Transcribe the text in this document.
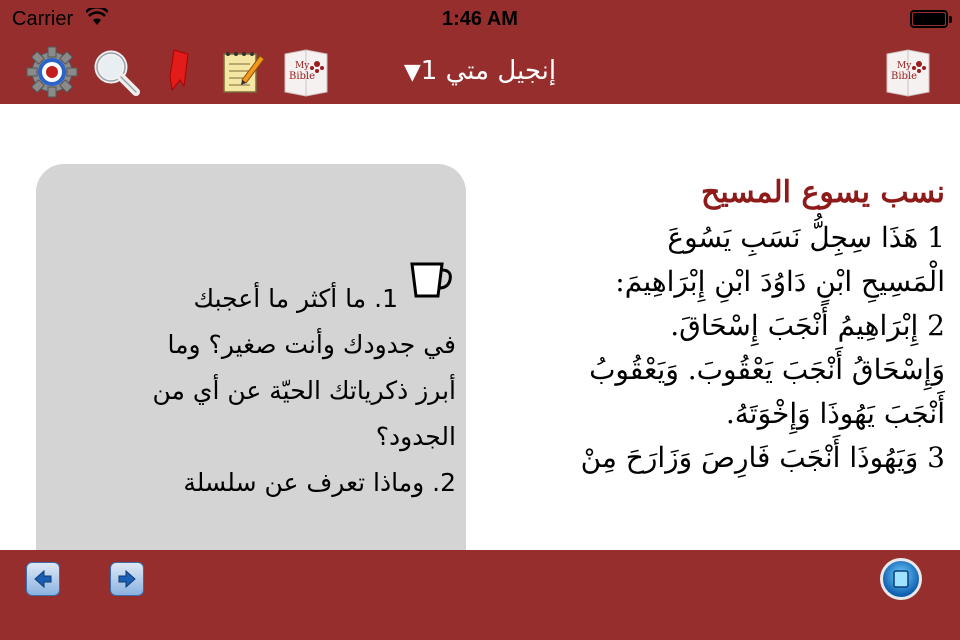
Carrier	1:46 AM
My
Bible	إنجيل متي 1▼	My
Bible

1. ما أكثر ما أعجبك

في جدودك وأنت صغير؟ وما

أبرز ذكرياتك الحيّة عن أي من

الجدود؟

2. وماذا تعرف عن سلسلة

نسب يسوع المسيح

1 هَذَا سِجِلُّ نَسَبِ يَسُوعَ

الْمَسِيحِ ابْنِ دَاوُدَ ابْنِ إِبْرَاهِيمَ:

2 إِبْرَاهِيمُ أَنْجَبَ إِسْحَاقَ.

وَإِسْحَاقُ أَنْجَبَ يَعْقُوبَ. وَيَعْقُوبُ

أَنْجَبَ يَهُوذَا وَإِخْوَتَهُ.

3 وَيَهُوذَا أَنْجَبَ فَارِصَ وَزَارَحَ مِنْ
